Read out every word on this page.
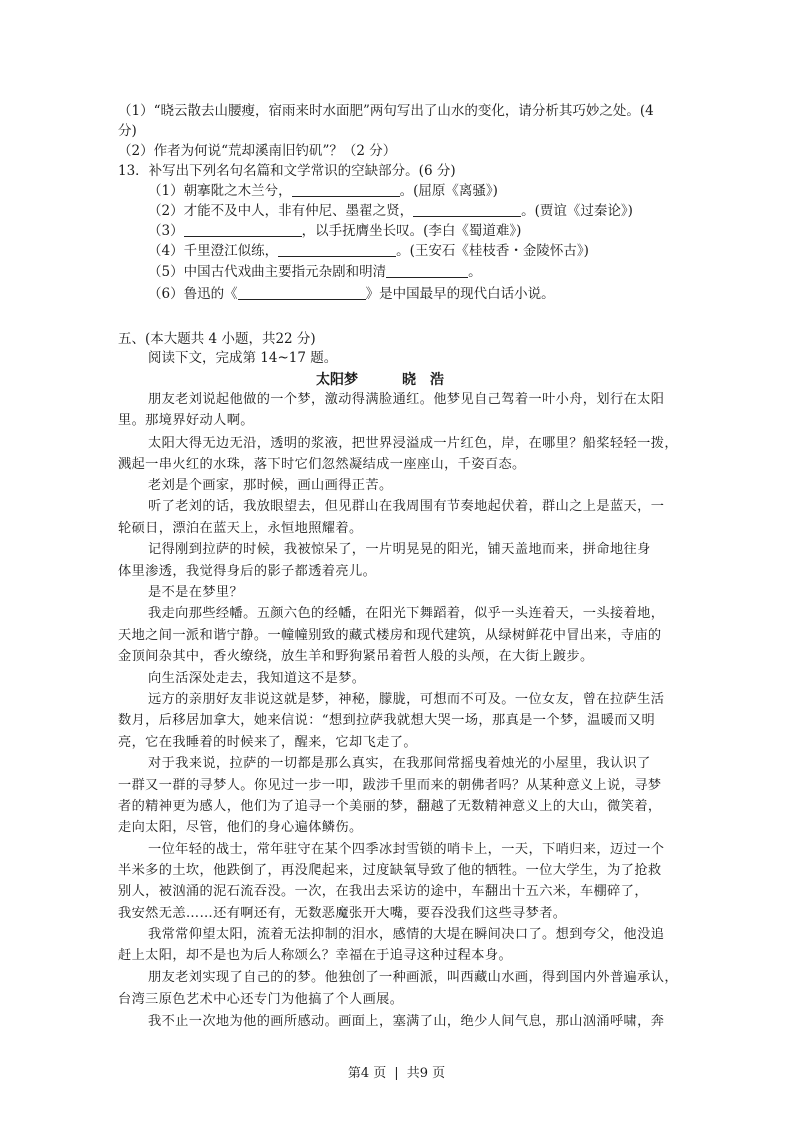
（1）“晓云散去山腰瘦，宿雨来时水面肥”两句写出了山水的变化，请分析其巧妙之处。(4
分)
（2）作者为何说“荒却溪南旧钓矶”？（2 分）
13．补写出下列名句名篇和文学常识的空缺部分。(6 分)
（1）朝搴阰之木兰兮，	。(屈原《离骚》)
（2）才能不及中人，非有仲尼、墨翟之贤，	。(贾谊《过秦论》)
（3）	，以手抚膺坐长叹。(李白《蜀道难》)
（4）千里澄江似练，	。(王安石《桂枝香・金陵怀古》)
（5）中国古代戏曲主要指元杂剧和明清	。
（6）鲁迅的《	》是中国最早的现代白话小说。
五、(本大题共 4 小题，共22 分)
阅读下文，完成第 14~17 题。
太阳梦	晓　浩
朋友老刘说起他做的一个梦，激动得满脸通红。他梦见自己驾着一叶小舟，划行在太阳
里。那境界好动人啊。
太阳大得无边无沿，透明的浆液，把世界浸溢成一片红色，岸，在哪里？船桨轻轻一拨，
溅起一串火红的水珠，落下时它们忽然凝结成一座座山，千姿百态。
老刘是个画家，那时候，画山画得正苦。
听了老刘的话，我放眼望去，但见群山在我周围有节奏地起伏着，群山之上是蓝天，一
轮硕日，漂泊在蓝天上，永恒地照耀着。
记得刚到拉萨的时候，我被惊呆了，一片明晃晃的阳光，铺天盖地而来，拼命地往身
体里渗透，我觉得身后的影子都透着亮儿。
是不是在梦里？
我走向那些经幡。五颜六色的经幡，在阳光下舞蹈着，似乎一头连着天，一头接着地，
天地之间一派和谐宁静。一幢幢别致的藏式楼房和现代建筑，从绿树鲜花中冒出来，寺庙的
金顶间杂其中，香火缭绕，放生羊和野狗紧吊着哲人般的头颅，在大街上踱步。
向生活深处走去，我知道这不是梦。
远方的亲朋好友非说这就是梦，神秘，朦胧，可想而不可及。一位女友，曾在拉萨生活
数月，后移居加拿大，她来信说：“想到拉萨我就想大哭一场，那真是一个梦，温暖而又明
亮，它在我睡着的时候来了，醒来，它却飞走了。
对于我来说，拉萨的一切都是那么真实，在我那间常摇曳着烛光的小屋里，我认识了
一群又一群的寻梦人。你见过一步一叩，跋涉千里而来的朝佛者吗？从某种意义上说，寻梦
者的精神更为感人，他们为了追寻一个美丽的梦，翻越了无数精神意义上的大山，微笑着，
走向太阳，尽管，他们的身心遍体鳞伤。
一位年轻的战士，常年驻守在某个四季冰封雪锁的哨卡上，一天，下哨归来，迈过一个
半米多的土坎，他跌倒了，再没爬起来，过度缺氧导致了他的牺牲。一位大学生，为了抢救
别人，被汹涌的泥石流吞没。一次，在我出去采访的途中，车翻出十五六米，车棚碎了，
我安然无恙……还有啊还有，无数恶魔张开大嘴，要吞没我们这些寻梦者。
我常常仰望太阳，流着无法抑制的泪水，感情的大堤在瞬间决口了。想到夸父，他没追
赶上太阳，却不是也为后人称颂么？幸福在于追寻这种过程本身。
朋友老刘实现了自己的的梦。他独创了一种画派，叫西藏山水画，得到国内外普遍承认，
台湾三原色艺术中心还专门为他搞了个人画展。
我不止一次地为他的画所感动。画面上，塞满了山，绝少人间气息，那山汹涌呼啸，奔
第4 页 | 共9 页
